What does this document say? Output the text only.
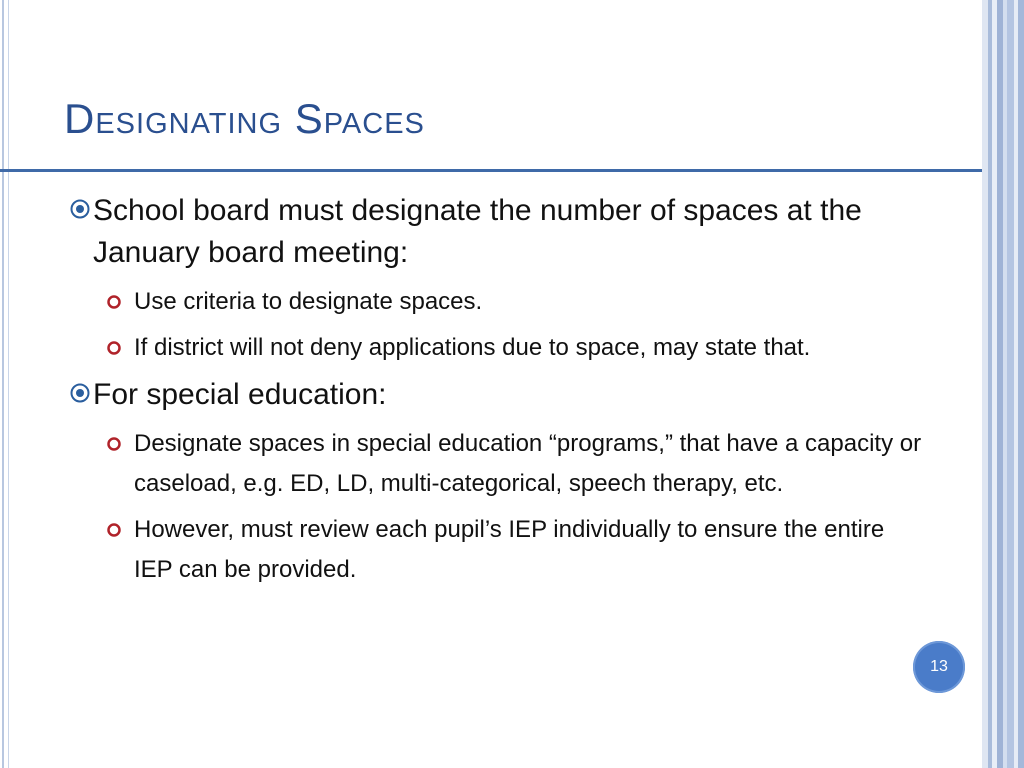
Designating Spaces
School board must designate the number of spaces at the January board meeting:
Use criteria to designate spaces.
If district will not deny applications due to space, may state that.
For special education:
Designate spaces in special education “programs,” that have a capacity or caseload, e.g. ED, LD, multi-categorical, speech therapy, etc.
However, must review each pupil’s IEP individually to ensure the entire IEP can be provided.
13
